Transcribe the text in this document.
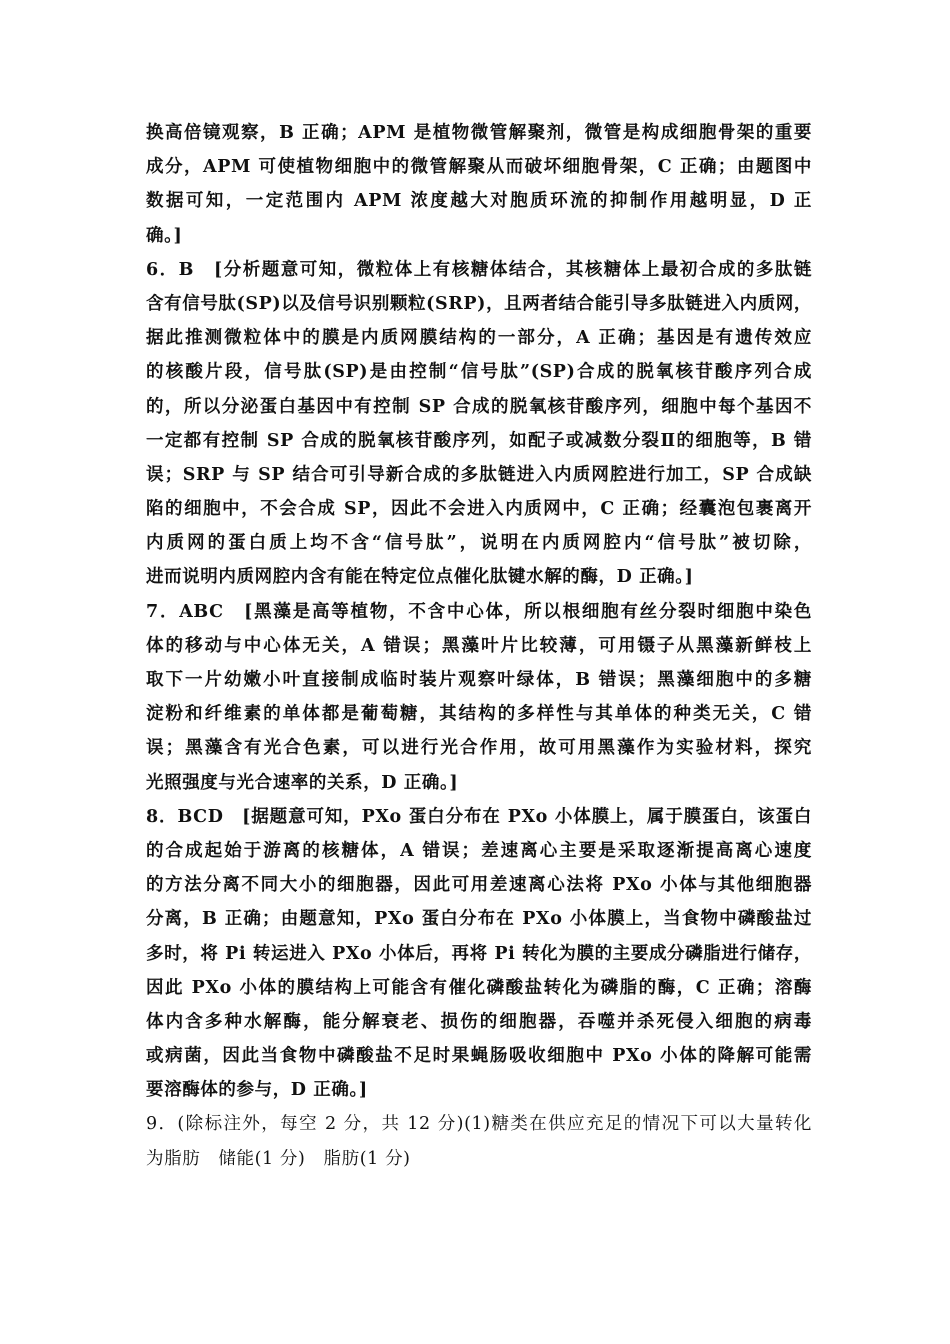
换高倍镜观察，B 正确；APM 是植物微管解聚剂，微管是构成细胞骨架的重要
成分，APM 可使植物细胞中的微管解聚从而破坏细胞骨架，C 正确；由题图中
数据可知，一定范围内 APM 浓度越大对胞质环流的抑制作用越明显，D 正
确。]
6．B　[分析题意可知，微粒体上有核糖体结合，其核糖体上最初合成的多肽链
含有信号肽(SP)以及信号识别颗粒(SRP)，且两者结合能引导多肽链进入内质网，
据此推测微粒体中的膜是内质网膜结构的一部分，A 正确；基因是有遗传效应
的核酸片段，信号肽(SP)是由控制“信号肽”(SP)合成的脱氧核苷酸序列合成
的，所以分泌蛋白基因中有控制 SP 合成的脱氧核苷酸序列，细胞中每个基因不
一定都有控制 SP 合成的脱氧核苷酸序列，如配子或减数分裂Ⅱ的细胞等，B 错
误；SRP 与 SP 结合可引导新合成的多肽链进入内质网腔进行加工，SP 合成缺
陷的细胞中，不会合成 SP，因此不会进入内质网中，C 正确；经囊泡包裹离开
内质网的蛋白质上均不含“信号肽”，说明在内质网腔内“信号肽”被切除，
进而说明内质网腔内含有能在特定位点催化肽键水解的酶，D 正确。]
7．ABC　[黑藻是高等植物，不含中心体，所以根细胞有丝分裂时细胞中染色
体的移动与中心体无关，A 错误；黑藻叶片比较薄，可用镊子从黑藻新鲜枝上
取下一片幼嫩小叶直接制成临时装片观察叶绿体，B 错误；黑藻细胞中的多糖
淀粉和纤维素的单体都是葡萄糖，其结构的多样性与其单体的种类无关，C 错
误；黑藻含有光合色素，可以进行光合作用，故可用黑藻作为实验材料，探究
光照强度与光合速率的关系，D 正确。]
8．BCD　[据题意可知，PXo 蛋白分布在 PXo 小体膜上，属于膜蛋白，该蛋白
的合成起始于游离的核糖体，A 错误；差速离心主要是采取逐渐提高离心速度
的方法分离不同大小的细胞器，因此可用差速离心法将 PXo 小体与其他细胞器
分离，B 正确；由题意知，PXo 蛋白分布在 PXo 小体膜上，当食物中磷酸盐过
多时，将 Pi 转运进入 PXo 小体后，再将 Pi 转化为膜的主要成分磷脂进行储存，
因此 PXo 小体的膜结构上可能含有催化磷酸盐转化为磷脂的酶，C 正确；溶酶
体内含多种水解酶，能分解衰老、损伤的细胞器，吞噬并杀死侵入细胞的病毒
或病菌，因此当食物中磷酸盐不足时果蝇肠吸收细胞中 PXo 小体的降解可能需
要溶酶体的参与，D 正确。]
9．(除标注外，每空 2 分，共 12 分)(1)糖类在供应充足的情况下可以大量转化
为脂肪　储能(1 分)　脂肪(1 分)
